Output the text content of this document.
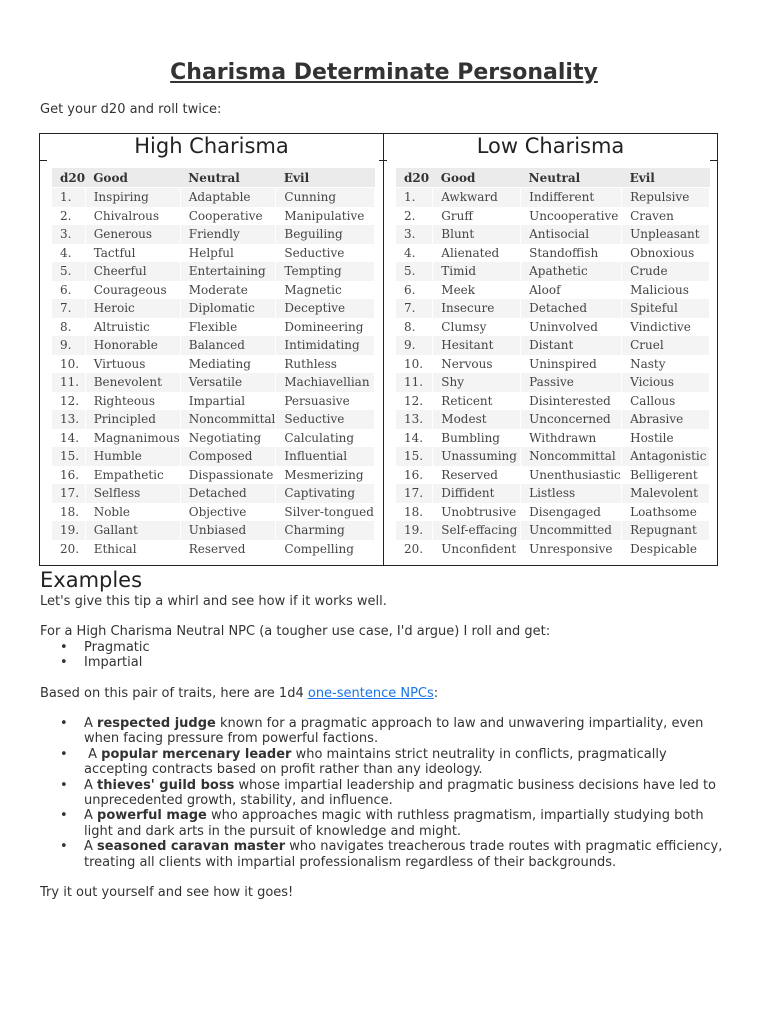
Charisma Determinate Personality
Get your d20 and roll twice:
High Charisma	Low Charisma
d20	Good	Neutral	Evil
1.	Inspiring	Adaptable	Cunning
2.	Chivalrous	Cooperative	Manipulative
3.	Generous	Friendly	Beguiling
4.	Tactful	Helpful	Seductive
5.	Cheerful	Entertaining	Tempting
6.	Courageous	Moderate	Magnetic
7.	Heroic	Diplomatic	Deceptive
8.	Altruistic	Flexible	Domineering
9.	Honorable	Balanced	Intimidating
10.	Virtuous	Mediating	Ruthless
11.	Benevolent	Versatile	Machiavellian
12.	Righteous	Impartial	Persuasive
13.	Principled	Noncommittal	Seductive
14.	Magnanimous	Negotiating	Calculating
15.	Humble	Composed	Influential
16.	Empathetic	Dispassionate	Mesmerizing
17.	Selfless	Detached	Captivating
18.	Noble	Objective	Silver-tongued
19.	Gallant	Unbiased	Charming
20.	Ethical	Reserved	Compelling
d20	Good	Neutral	Evil
1.	Awkward	Indifferent	Repulsive
2.	Gruff	Uncooperative	Craven
3.	Blunt	Antisocial	Unpleasant
4.	Alienated	Standoffish	Obnoxious
5.	Timid	Apathetic	Crude
6.	Meek	Aloof	Malicious
7.	Insecure	Detached	Spiteful
8.	Clumsy	Uninvolved	Vindictive
9.	Hesitant	Distant	Cruel
10.	Nervous	Uninspired	Nasty
11.	Shy	Passive	Vicious
12.	Reticent	Disinterested	Callous
13.	Modest	Unconcerned	Abrasive
14.	Bumbling	Withdrawn	Hostile
15.	Unassuming	Noncommittal	Antagonistic
16.	Reserved	Unenthusiastic	Belligerent
17.	Diffident	Listless	Malevolent
18.	Unobtrusive	Disengaged	Loathsome
19.	Self-effacing	Uncommitted	Repugnant
20.	Unconfident	Unresponsive	Despicable
Examples

Let's give this tip a whirl and see how if it works well.

For a High Charisma Neutral NPC (a tougher use case, I'd argue) I roll and get:

• Pragmatic
• Impartial

Based on this pair of traits, here are 1d4 one-sentence NPCs:

• A respected judge known for a pragmatic approach to law and unwavering impartiality, even when facing pressure from powerful factions.
•  A popular mercenary leader who maintains strict neutrality in conflicts, pragmatically accepting contracts based on profit rather than any ideology.
• A thieves' guild boss whose impartial leadership and pragmatic business decisions have led to unprecedented growth, stability, and influence.
• A powerful mage who approaches magic with ruthless pragmatism, impartially studying both light and dark arts in the pursuit of knowledge and might.
• A seasoned caravan master who navigates treacherous trade routes with pragmatic efficiency, treating all clients with impartial professionalism regardless of their backgrounds.

Try it out yourself and see how it goes!
